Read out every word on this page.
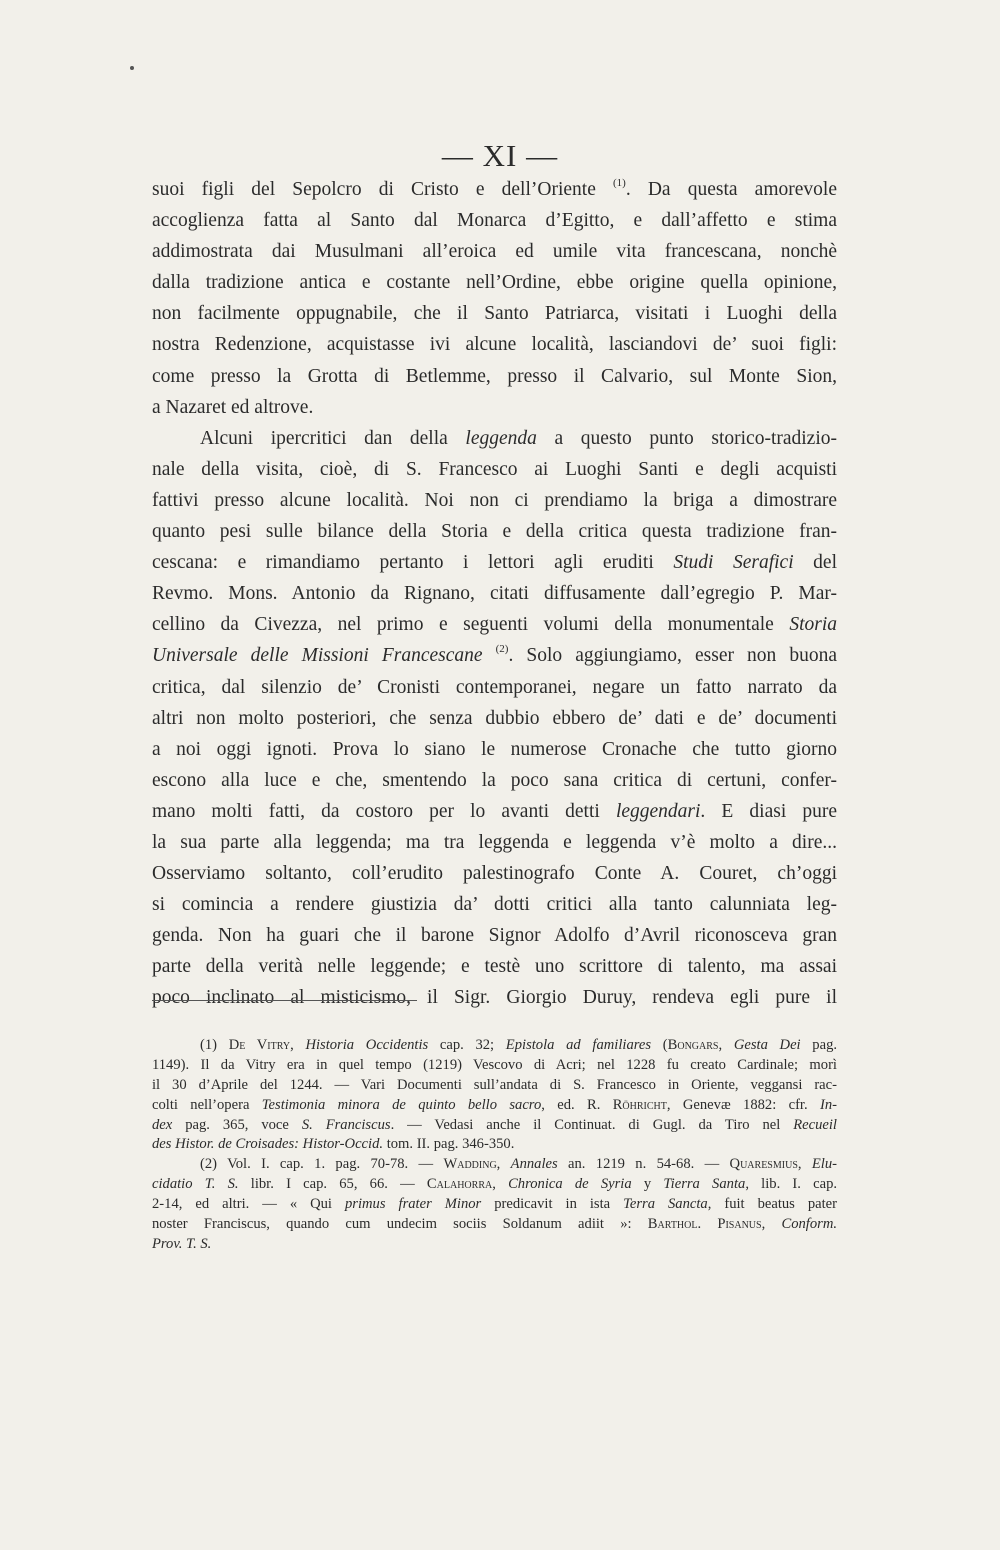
— XI —
suoi figli del Sepolcro di Cristo e dell’Oriente $^{(1)}$. Da questa amorevole
accoglienza fatta al Santo dal Monarca d’Egitto, e dall’affetto e stima
addimostrata dai Musulmani all’eroica ed umile vita francescana, nonchè
dalla tradizione antica e costante nell’Ordine, ebbe origine quella opinione,
non facilmente oppugnabile, che il Santo Patriarca, visitati i Luoghi della
nostra Redenzione, acquistasse ivi alcune località, lasciandovi de’ suoi figli:
come presso la Grotta di Betlemme, presso il Calvario, sul Monte Sion,
a Nazaret ed altrove.
Alcuni ipercritici dan della leggenda a questo punto storico-tradizio-
nale della visita, cioè, di S. Francesco ai Luoghi Santi e degli acquisti
fattivi presso alcune località. Noi non ci prendiamo la briga a dimostrare
quanto pesi sulle bilance della Storia e della critica questa tradizione fran-
cescana: e rimandiamo pertanto i lettori agli eruditi Studi Serafici del
Revmo. Mons. Antonio da Rignano, citati diffusamente dall’egregio P. Mar-
cellino da Civezza, nel primo e seguenti volumi della monumentale Storia
Universale delle Missioni Francescane $^{(2)}$. Solo aggiungiamo, esser non buona
critica, dal silenzio de’ Cronisti contemporanei, negare un fatto narrato da
altri non molto posteriori, che senza dubbio ebbero de’ dati e de’ documenti
a noi oggi ignoti. Prova lo siano le numerose Cronache che tutto giorno
escono alla luce e che, smentendo la poco sana critica di certuni, confer-
mano molti fatti, da costoro per lo avanti detti leggendari. E diasi pure
la sua parte alla leggenda; ma tra leggenda e leggenda v’è molto a dire...
Osserviamo soltanto, coll’erudito palestinografo Conte A. Couret, ch’oggi
si comincia a rendere giustizia da’ dotti critici alla tanto calunniata leg-
genda. Non ha guari che il barone Signor Adolfo d’Avril riconosceva gran
parte della verità nelle leggende; e testè uno scrittore di talento, ma assai
poco inclinato al misticismo, il Sigr. Giorgio Duruy, rendeva egli pure il
(1) De Vitry, Historia Occidentis cap. 32; Epistola ad familiares (Bongars, Gesta Dei pag.
1149). Il da Vitry era in quel tempo (1219) Vescovo di Acri; nel 1228 fu creato Cardinale; morì
il 30 d’Aprile del 1244. — Vari Documenti sull’andata di S. Francesco in Oriente, veggansi rac-
colti nell’opera Testimonia minora de quinto bello sacro, ed. R. Röhricht, Genevæ 1882: cfr. In-
dex pag. 365, voce S. Franciscus. — Vedasi anche il Continuat. di Gugl. da Tiro nel Recueil
des Histor. de Croisades: Histor-Occid. tom. II. pag. 346-350.
(2) Vol. I. cap. 1. pag. 70-78. — Wadding, Annales an. 1219 n. 54-68. — Quaresmius, Elu-
cidatio T. S. libr. I cap. 65, 66. — Calahorra, Chronica de Syria y Tierra Santa, lib. I. cap.
2-14, ed altri. — « Qui primus frater Minor predicavit in ista Terra Sancta, fuit beatus pater
noster Franciscus, quando cum undecim sociis Soldanum adiit »: Barthol. Pisanus, Conform.
Prov. T. S.
